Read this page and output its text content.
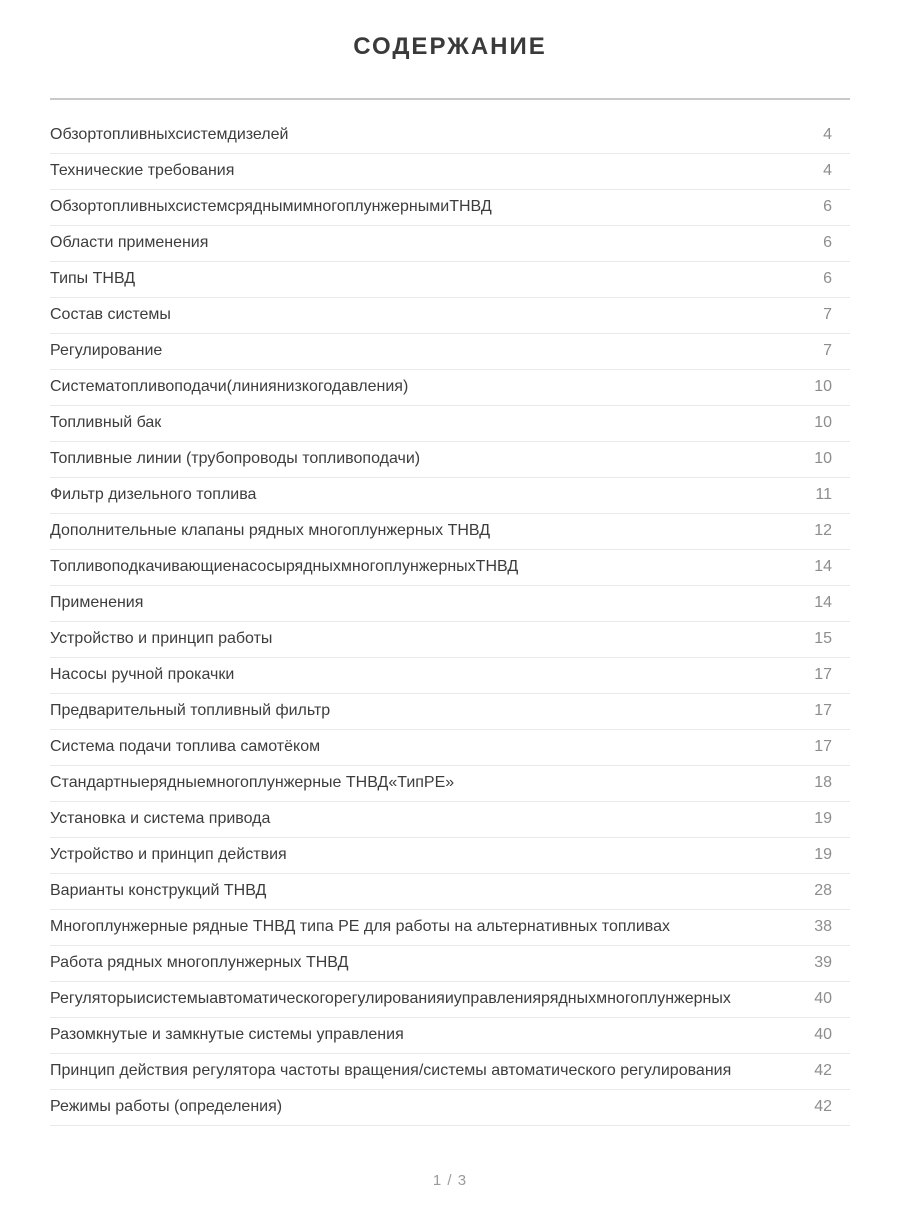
СОДЕРЖАНИЕ
Обзортопливныхсистемдизелей	4
Технические требования	4
ОбзортопливныхсистемсряднымимногоплунжернымиТНВД	6
Области применения	6
Типы ТНВД	6
Состав системы	7
Регулирование	7
Систематопливоподачи(линиянизкогодавления)	10
Топливный бак	10
Топливные линии (трубопроводы топливоподачи)	10
Фильтр дизельного топлива	11
Дополнительные клапаны рядных многоплунжерных ТНВД	12
ТопливоподкачивающиенасосырядныхмногоплунжерныхТНВД	14
Применения	14
Устройство и принцип работы	15
Насосы ручной прокачки	17
Предварительный топливный фильтр	17
Система подачи топлива самотёком	17
Стандартныерядныемногоплунжерные ТНВД«ТипPE»	18
Установка и система привода	19
Устройство и принцип действия	19
Варианты конструкций ТНВД	28
Многоплунжерные рядные ТНВД типа PE для работы на альтернативных топливах	38
Работа рядных многоплунжерных ТНВД	39
Регуляторыисистемыавтоматическогорегулированияиуправлениярядныхмногоплунжерных	40
Разомкнутые и замкнутые системы управления	40
Принцип действия регулятора частоты вращения/системы автоматического регулирования	42
Режимы работы (определения)	42
1 / 3
